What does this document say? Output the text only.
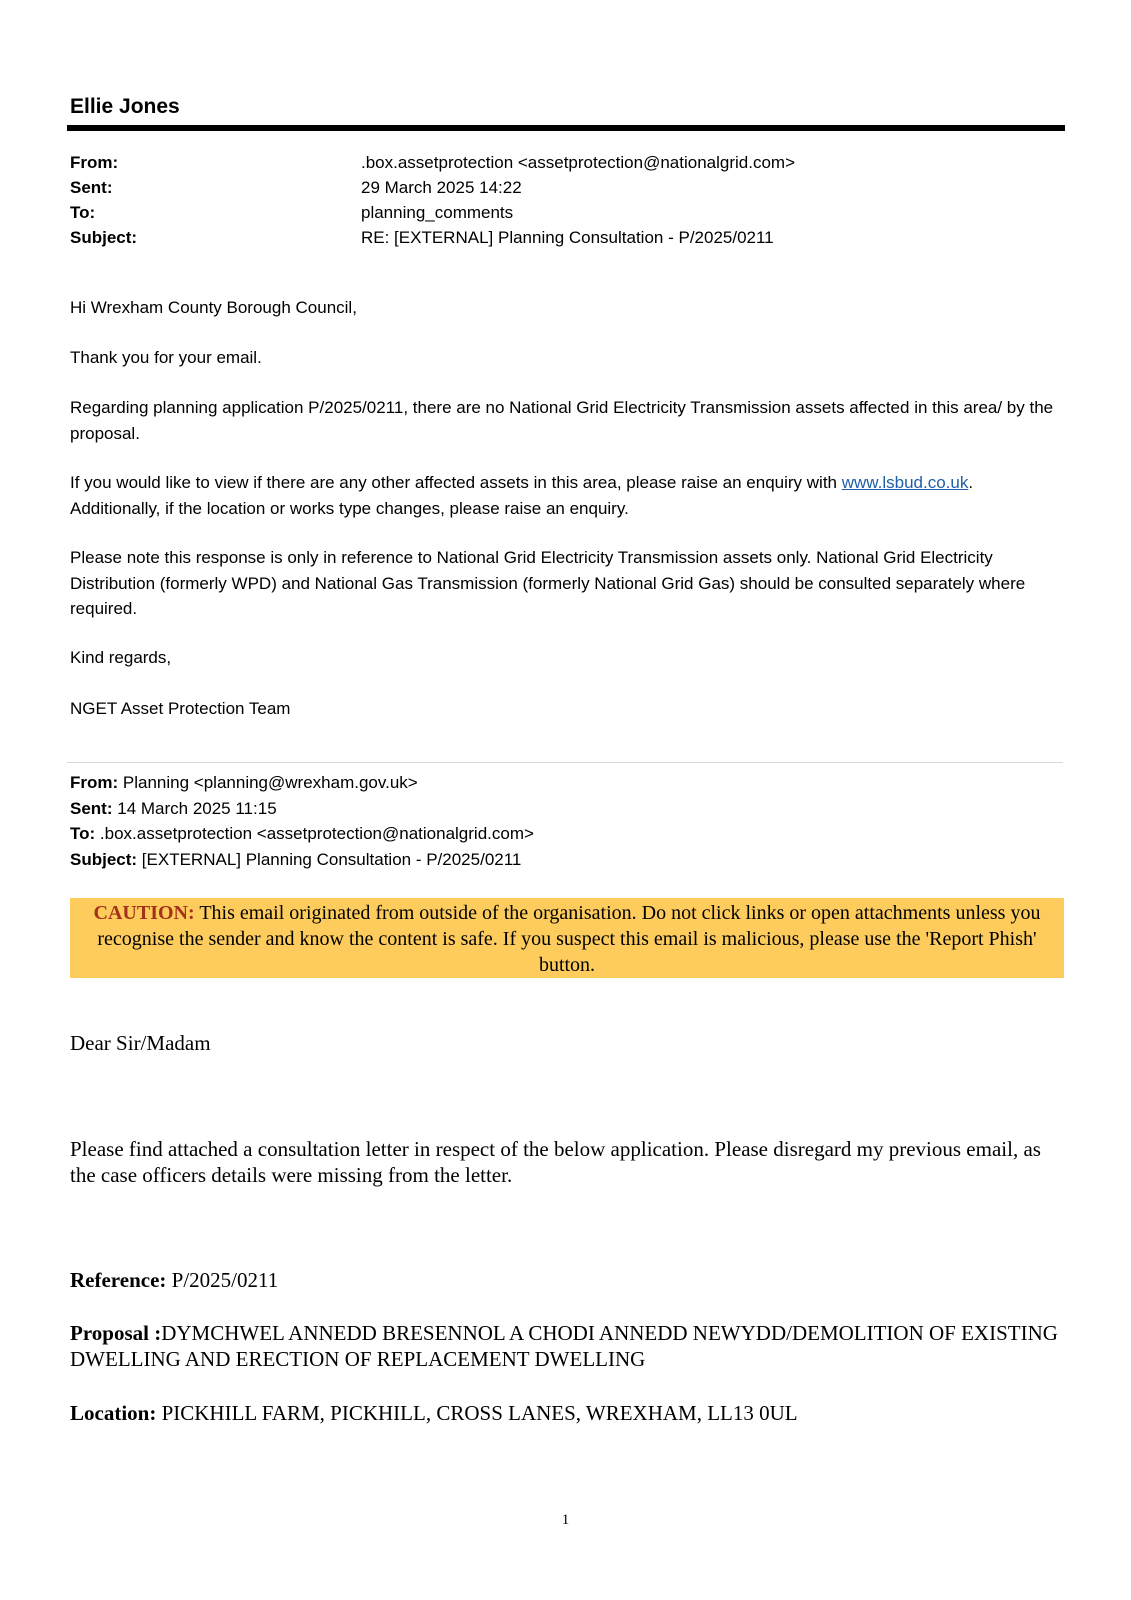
Ellie Jones
From:	.box.assetprotection <assetprotection@nationalgrid.com>
Sent:	29 March 2025 14:22
To:	planning_comments
Subject:	RE: [EXTERNAL] Planning Consultation - P/2025/0211

Hi Wrexham County Borough Council,

Thank you for your email.

Regarding planning application P/2025/0211, there are no National Grid Electricity Transmission assets affected in this area/ by the proposal.

If you would like to view if there are any other affected assets in this area, please raise an enquiry with www.lsbud.co.uk. Additionally, if the location or works type changes, please raise an enquiry.

Please note this response is only in reference to National Grid Electricity Transmission assets only. National Grid Electricity Distribution (formerly WPD) and National Gas Transmission (formerly National Grid Gas) should be consulted separately where required.

Kind regards,

NGET Asset Protection Team

From: Planning <planning@wrexham.gov.uk>
Sent: 14 March 2025 11:15
To: .box.assetprotection <assetprotection@nationalgrid.com>
Subject: [EXTERNAL] Planning Consultation - P/2025/0211
CAUTION: This email originated from outside of the organisation. Do not click links or open attachments unless you recognise the sender and know the content is safe. If you suspect this email is malicious, please use the 'Report Phish' button.

Dear Sir/Madam

Please find attached a consultation letter in respect of the below application. Please disregard my previous email, as the case officers details were missing from the letter.

Reference: P/2025/0211

Proposal :DYMCHWEL ANNEDD BRESENNOL A CHODI ANNEDD NEWYDD/DEMOLITION OF EXISTING DWELLING AND ERECTION OF REPLACEMENT DWELLING

Location: PICKHILL FARM, PICKHILL, CROSS LANES, WREXHAM, LL13 0UL

1
